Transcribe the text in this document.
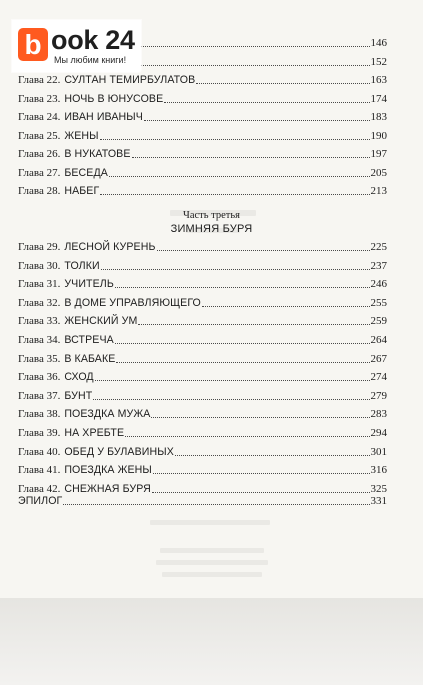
b ook 24
Мы любим книги!
146
152
Глава 22. СУЛТАН ТЕМИРБУЛАТОВ	163
Глава 23. НОЧЬ В ЮНУСОВЕ	174
Глава 24. ИВАН ИВАНЫЧ	183
Глава 25. ЖЕНЫ	190
Глава 26. В НУКАТОВЕ	197
Глава 27. БЕСЕДА	205
Глава 28. НАБЕГ	213
Часть третья
ЗИМНЯЯ БУРЯ
Глава 29. ЛЕСНОЙ КУРЕНЬ	225
Глава 30. ТОЛКИ	237
Глава 31. УЧИТЕЛЬ	246
Глава 32. В ДОМЕ УПРАВЛЯЮЩЕГО	255
Глава 33. ЖЕНСКИЙ УМ	259
Глава 34. ВСТРЕЧА	264
Глава 35. В КАБАКЕ	267
Глава 36. СХОД	274
Глава 37. БУНТ	279
Глава 38. ПОЕЗДКА МУЖА	283
Глава 39. НА ХРЕБТЕ	294
Глава 40. ОБЕД У БУЛАВИНЫХ	301
Глава 41. ПОЕЗДКА ЖЕНЫ	316
Глава 42. СНЕЖНАЯ БУРЯ	325
ЭПИЛОГ	331
